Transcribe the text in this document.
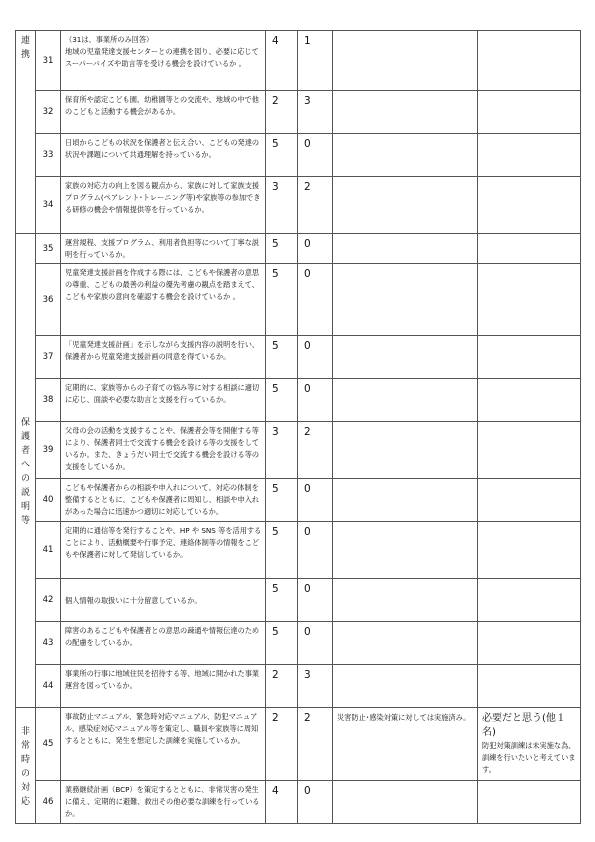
連携	31	（31は、事業所のみ回答）
地域の児童発達支援センターとの連携を図り、必要に応じてスーパーバイズや助言等を受ける機会を設けているか 。	4	1		

	32	保育所や認定こども園、幼稚園等との交流や、地域の中で他のこどもと活動する機会があるか。	2	3		

	33	日頃からこどもの状況を保護者と伝え合い、こどもの発達の状況や課題について共通理解を持っているか。	5	0		

	34	家族の対応力の向上を図る観点から、家族に対して家族支援プログラム(ペアレント･トレーニング等)や家族等の参加できる研修の機会や情報提供等を行っているか。	3	2		

保護者への説明等	35	運営規程、支援プログラム、利用者負担等について丁寧な説明を行っているか。	5	0		

	36	児童発達支援計画を作成する際には、こどもや保護者の意思の尊重、こどもの最善の利益の優先考慮の観点を踏まえて、こどもや家族の意向を確認する機会を設けているか 。	5	0		

	37	「児童発達支援計画」を示しながら支援内容の説明を行い、保護者から児童発達支援計画の同意を得ているか。	5	0		

	38	定期的に、家族等からの子育ての悩み等に対する相談に適切に応じ、面談や必要な助言と支援を行っているか。	5	0		

	39	父母の会の活動を支援することや、保護者会等を開催する等により、保護者同士で交流する機会を設ける等の支援をしているか。また、きょうだい同士で交流する機会を設ける等の支援をしているか。	3	2		

	40	こどもや保護者からの相談や申入れについて、対応の体制を整備するとともに、こどもや保護者に周知し、相談や申入れがあった場合に迅速かつ適切に対応しているか。	5	0		

	41	定期的に通信等を発行することや、HP や SNS 等を活用することにより、活動概要や行事予定、連絡体制等の情報をこどもや保護者に対して発信しているか。	5	0		

	42	個人情報の取扱いに十分留意しているか。	5	0		

	43	障害のあるこどもや保護者との意思の疎通や情報伝達のための配慮をしているか。	5	0		

	44	事業所の行事に地域住民を招待する等、地域に開かれた事業運営を図っているか。	2	3		

非常時の対応	45	事故防止マニュアル、緊急時対応マニュアル、防犯マニュアル、感染症対応マニュアル等を策定し、職員や家族等に周知するとともに、発生を想定した訓練を実施しているか。	2	2	災害防止･感染対策に対しては実施済み。	必要だと思う(他１名)
防犯対策訓練は未実施な為、訓練を行いたいと考えています。

	46	業務継続計画（BCP）を策定するとともに、非常災害の発生に備え、定期的に避難、救出その他必要な訓練を行っているか。	4	0		
